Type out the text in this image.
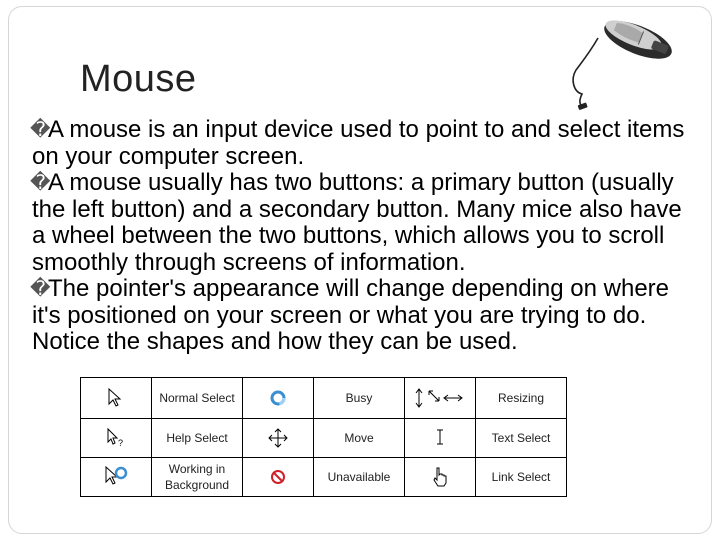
Mouse

�
A mouse is an input device used to point to and select items on your computer screen.

�
A mouse usually has two buttons: a primary button (usually the left button) and a secondary button. Many mice also have a wheel between the two buttons, which allows you to scroll smoothly through screens of information.

�
The pointer's appearance will change depending on where it's positioned on your screen or what you are trying to do. Notice the shapes and how they can be used.

	Normal Select		Busy		Resizing

?	Help Select		Move		Text Select
	Working in Background		Unavailable		Link Select
